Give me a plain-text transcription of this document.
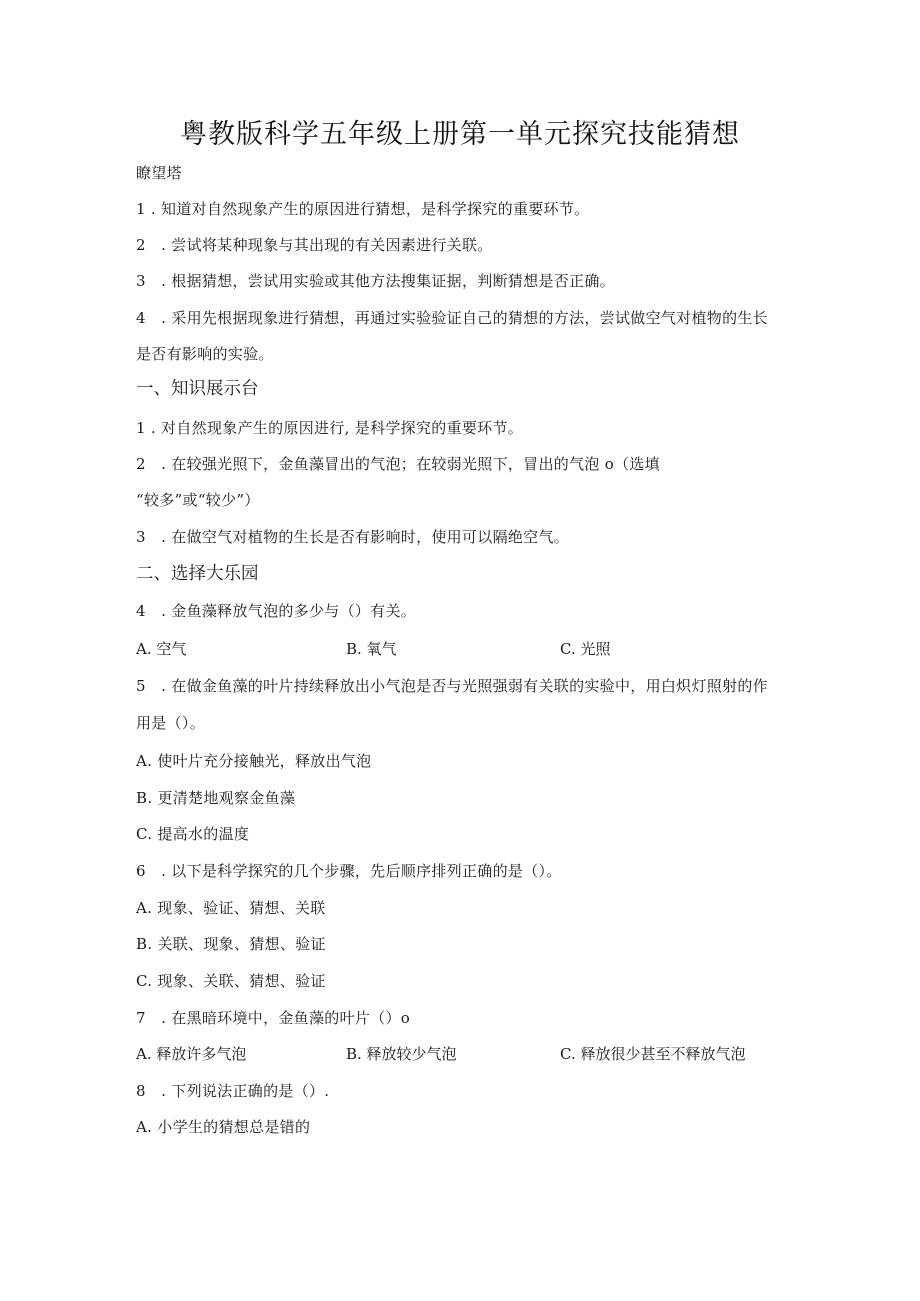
粤教版科学五年级上册第一单元探究技能猜想
瞭望塔
1 . 知道对自然现象产生的原因进行猜想，是科学探究的重要环节。
2　. 尝试将某种现象与其出现的有关因素进行关联。
3　. 根据猜想，尝试用实验或其他方法搜集证据，判断猜想是否正确。
4　. 采用先根据现象进行猜想，再通过实验验证自己的猜想的方法，尝试做空气对植物的生长
是否有影响的实验。
一、知识展示台
1 . 对自然现象产生的原因进行, 是科学探究的重要环节。
2　. 在较强光照下，金鱼藻冒出的气泡；在较弱光照下，冒出的气泡 o（选填
“较多”或“较少”）
3　. 在做空气对植物的生长是否有影响时，使用可以隔绝空气。
二、选择大乐园
4　. 金鱼藻释放气泡的多少与（）有关。
A. 空气	B. 氧气	C. 光照
5　. 在做金鱼藻的叶片持续释放出小气泡是否与光照强弱有关联的实验中，用白炽灯照射的作
用是（）。
A. 使叶片充分接触光，释放出气泡
B. 更清楚地观察金鱼藻
C. 提高水的温度
6　. 以下是科学探究的几个步骤，先后顺序排列正确的是（）。
A. 现象、验证、猜想、关联
B. 关联、现象、猜想、验证
C. 现象、关联、猜想、验证
7　. 在黑暗环境中，金鱼藻的叶片（）o
A. 释放许多气泡	B. 释放较少气泡	C. 释放很少甚至不释放气泡
8　. 下列说法正确的是（）.
A. 小学生的猜想总是错的
